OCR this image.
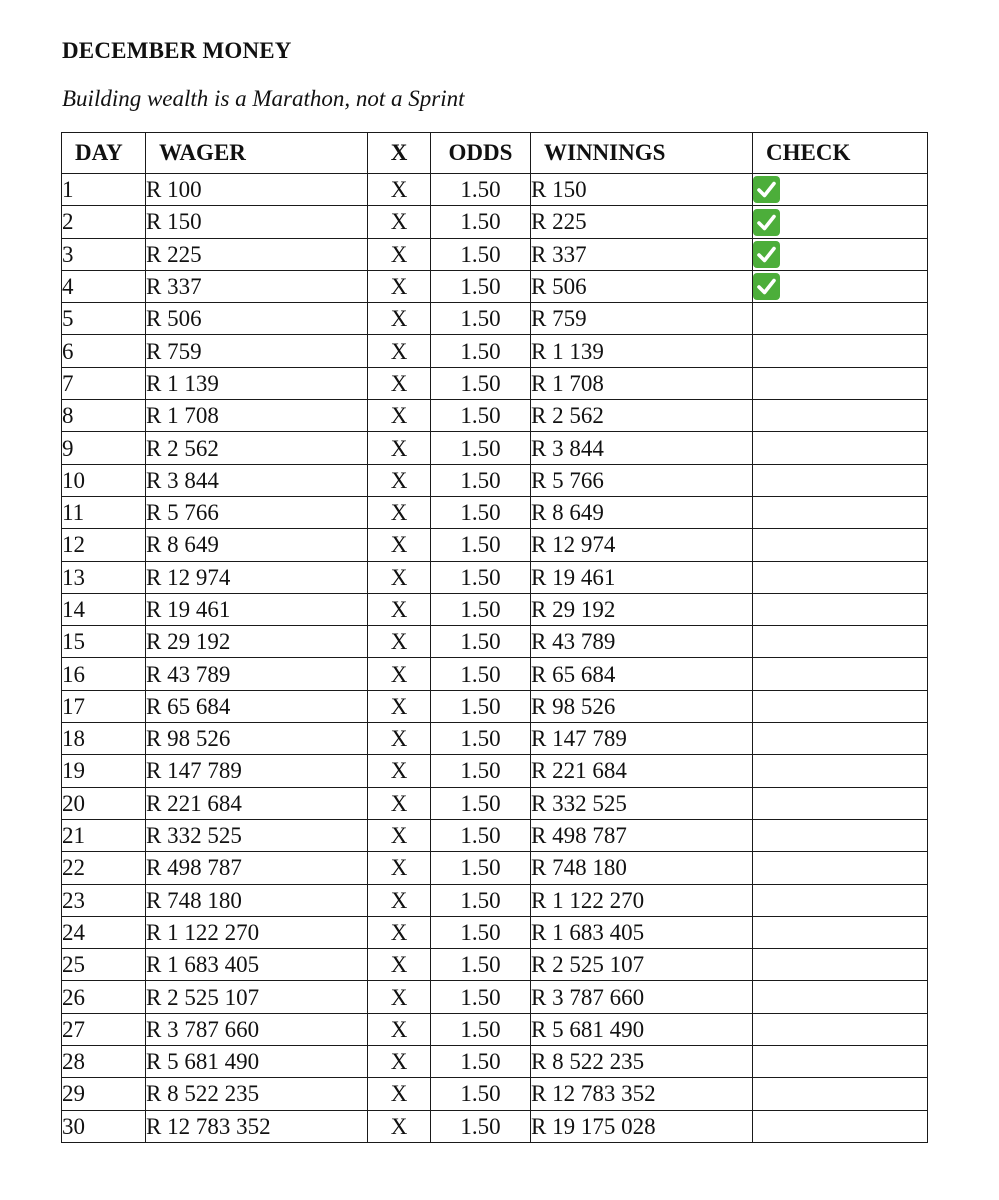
DECEMBER MONEY
Building wealth is a Marathon, not a Sprint
DAY	WAGER	X	ODDS	WINNINGS	CHECK
1	R 100	X	1.50	R 150	

2	R 150	X	1.50	R 225	

3	R 225	X	1.50	R 337	

4	R 337	X	1.50	R 506	

5	R 506	X	1.50	R 759	
6	R 759	X	1.50	R 1 139	
7	R 1 139	X	1.50	R 1 708	
8	R 1 708	X	1.50	R 2 562	
9	R 2 562	X	1.50	R 3 844	
10	R 3 844	X	1.50	R 5 766	
11	R 5 766	X	1.50	R 8 649	
12	R 8 649	X	1.50	R 12 974	
13	R 12 974	X	1.50	R 19 461	
14	R 19 461	X	1.50	R 29 192	
15	R 29 192	X	1.50	R 43 789	
16	R 43 789	X	1.50	R 65 684	
17	R 65 684	X	1.50	R 98 526	
18	R 98 526	X	1.50	R 147 789	
19	R 147 789	X	1.50	R 221 684	
20	R 221 684	X	1.50	R 332 525	
21	R 332 525	X	1.50	R 498 787	
22	R 498 787	X	1.50	R 748 180	
23	R 748 180	X	1.50	R 1 122 270	
24	R 1 122 270	X	1.50	R 1 683 405	
25	R 1 683 405	X	1.50	R 2 525 107	
26	R 2 525 107	X	1.50	R 3 787 660	
27	R 3 787 660	X	1.50	R 5 681 490	
28	R 5 681 490	X	1.50	R 8 522 235	
29	R 8 522 235	X	1.50	R 12 783 352	
30	R 12 783 352	X	1.50	R 19 175 028	
